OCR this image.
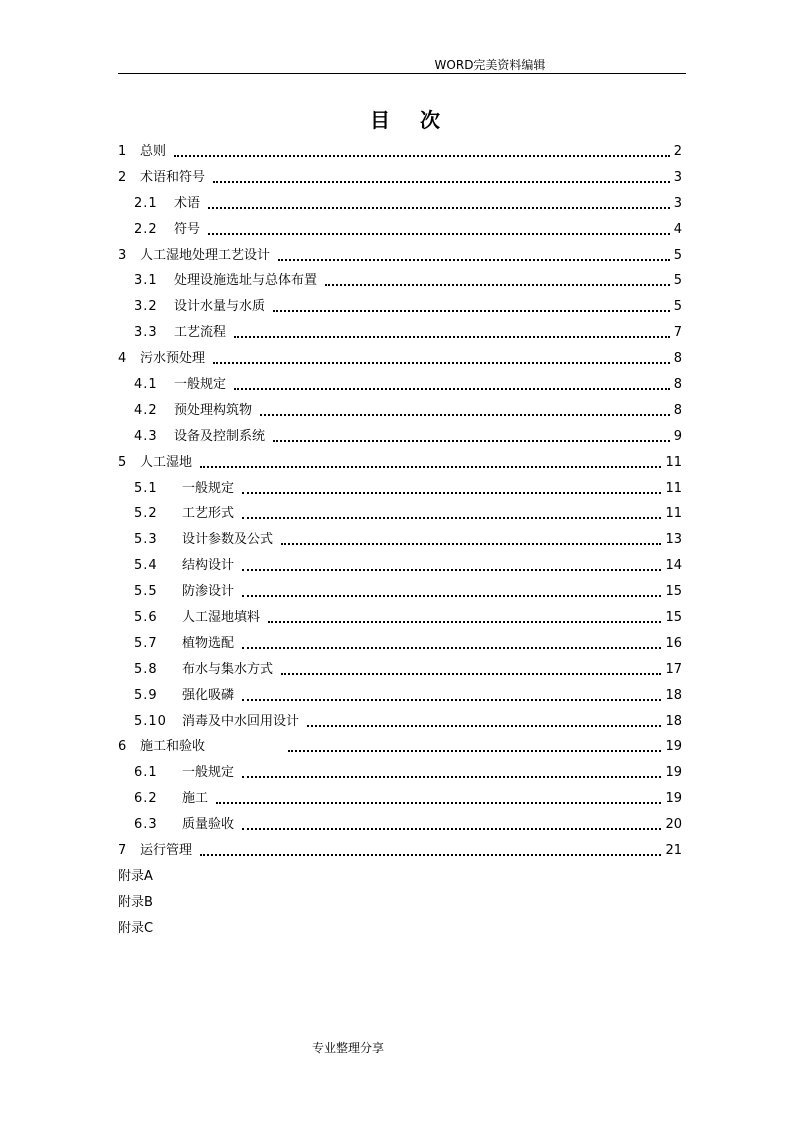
WORD完美资料编辑
目 次
1 总则	2
2 术语和符号	3
2.1 术语	3
2.2 符号	4
3 人工湿地处理工艺设计	5
3.1 处理设施选址与总体布置	5
3.2 设计水量与水质	5
3.3 工艺流程	7
4 污水预处理	8
4.1 一般规定	8
4.2 预处理构筑物	8
4.3 设备及控制系统	9
5 人工湿地	11
5.1 一般规定	11
5.2 工艺形式	11
5.3 设计参数及公式	13
5.4 结构设计	14
5.5 防渗设计	15
5.6 人工湿地填料	15
5.7 植物选配	16
5.8 布水与集水方式	17
5.9 强化吸磷	18
5.10 消毒及中水回用设计	18
6 施工和验收	19
6.1 一般规定	19
6.2 施工	19
6.3 质量验收	20
7 运行管理	21
附录A
附录B
附录C
专业整理分享
